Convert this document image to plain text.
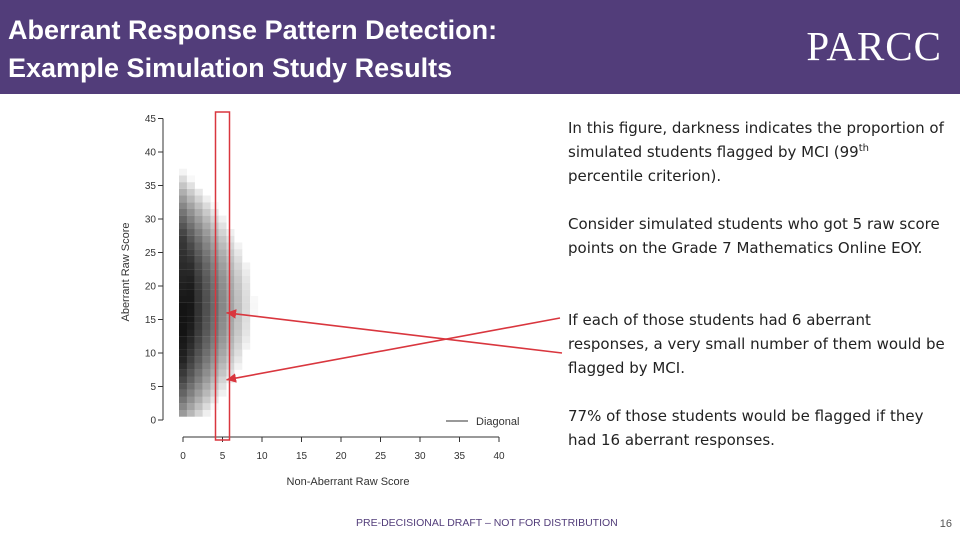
Aberrant Response Pattern Detection:
Example Simulation Study Results	PARCC
0	5	10	15	20	25	30	35	40
0
5
10
15
20
25
30
35
40
45
Diagonal
Non-Aberrant Raw Score
Aberrant Raw Score
In this figure, darkness indicates the proportion of simulated students flagged by MCI (99th percentile criterion).
Consider simulated students who got 5 raw score points on the Grade 7 Mathematics Online EOY.
If each of those students had 6 aberrant responses, a very small number of them would be flagged by MCI.
77% of those students would be flagged if they had 16 aberrant responses.
PRE-DECISIONAL DRAFT – NOT FOR DISTRIBUTION	16
